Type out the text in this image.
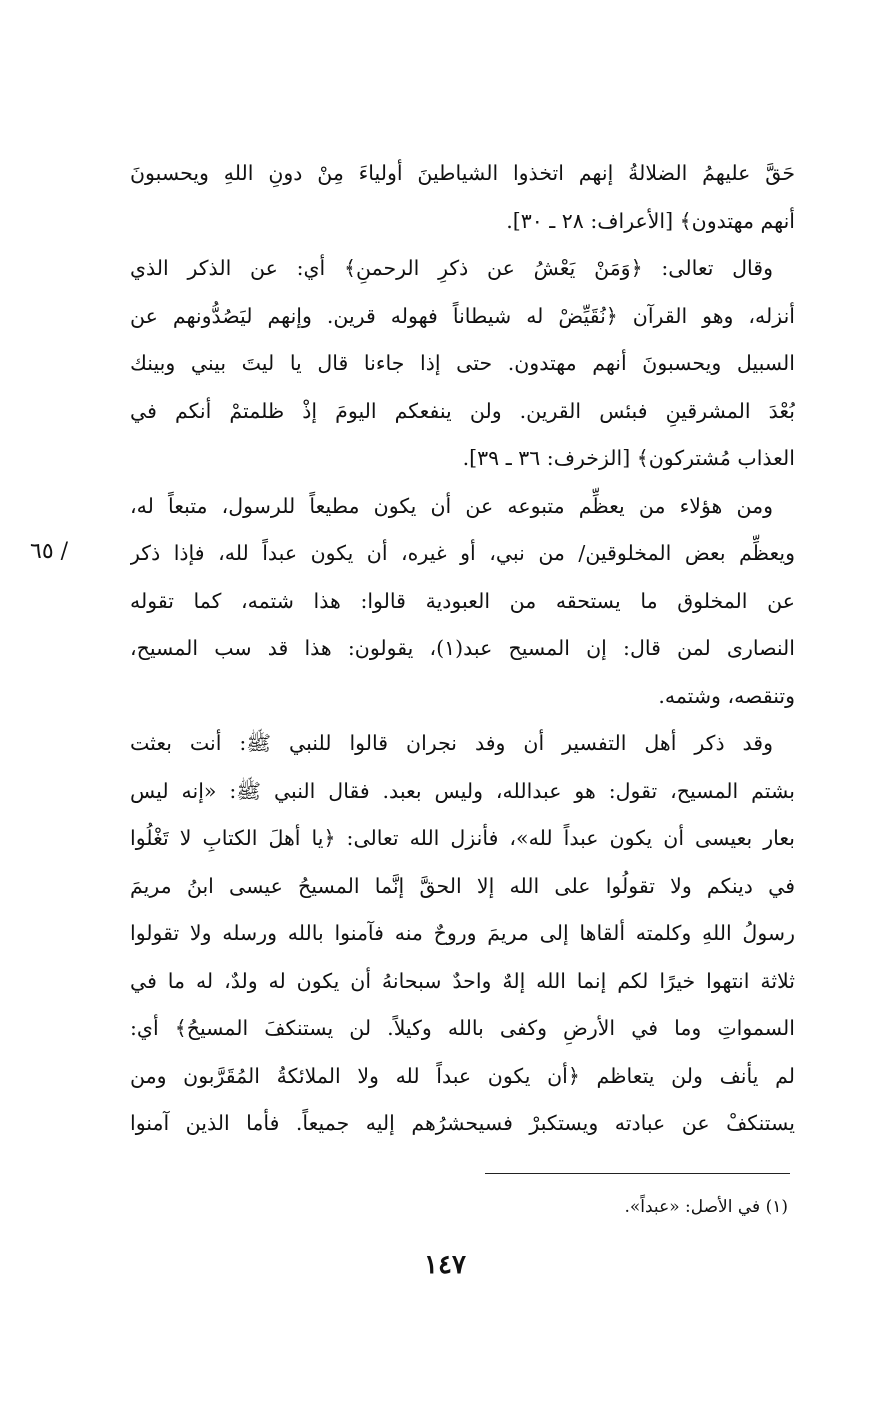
حَقَّ عليهمُ الضلالةُ إنهم اتخذوا الشياطينَ أولياءَ مِنْ دونِ اللهِ ويحسبونَ
أنهم مهتدون﴾ [الأعراف: ٢٨ ـ ٣٠].
وقال تعالى: ﴿وَمَنْ يَعْشُ عن ذكرِ الرحمنِ﴾ أي: عن الذكر الذي
أنزله، وهو القرآن ﴿نُقَيِّضْ له شيطاناً فهوله قرين. وإنهم ليَصُدُّونهم عن
السبيل ويحسبونَ أنهم مهتدون. حتى إذا جاءنا قال يا ليتَ بيني وبينك
بُعْدَ المشرقينِ فبئس القرين. ولن ينفعكم اليومَ إذْ ظلمتمْ أنكم في
العذاب مُشتركون﴾ [الزخرف: ٣٦ ـ ٣٩].
ومن هؤلاء من يعظِّم متبوعه عن أن يكون مطيعاً للرسول، متبعاً له،
ويعظِّم بعض المخلوقين/ من نبي، أو غيره، أن يكون عبداً لله، فإذا ذكر
عن المخلوق ما يستحقه من العبودية قالوا: هذا شتمه، كما تقوله
النصارى لمن قال: إن المسيح عبد(١)، يقولون: هذا قد سب المسيح،
وتنقصه، وشتمه.
وقد ذكر أهل التفسير أن وفد نجران قالوا للنبي ﷺ: أنت بعثت
بشتم المسيح، تقول: هو عبدالله، وليس بعبد. فقال النبي ﷺ: «إنه ليس
بعار بعيسى أن يكون عبداً لله»، فأنزل الله تعالى: ﴿يا أهلَ الكتابِ لا تَغْلُوا
في دينكم ولا تقولُوا على الله إلا الحقَّ إنَّما المسيحُ عيسى ابنُ مريمَ
رسولُ اللهِ وكلمته ألقاها إلى مريمَ وروحٌ منه فآمنوا بالله ورسله ولا تقولوا
ثلاثة انتهوا خيرًا لكم إنما الله إلهٌ واحدٌ سبحانهُ أن يكون له ولدٌ، له ما في
السمواتِ وما في الأرضِ وكفى بالله وكيلاً. لن يستنكفَ المسيحُ﴾ أي:
لم يأنف ولن يتعاظم ﴿أن يكون عبداً لله ولا الملائكةُ المُقَرَّبون ومن
يستنكفْ عن عبادته ويستكبرْ فسيحشرُهم إليه جميعاً. فأما الذين آمنوا
/ ٦٥
(١) في الأصل: «عبداً».
١٤٧
